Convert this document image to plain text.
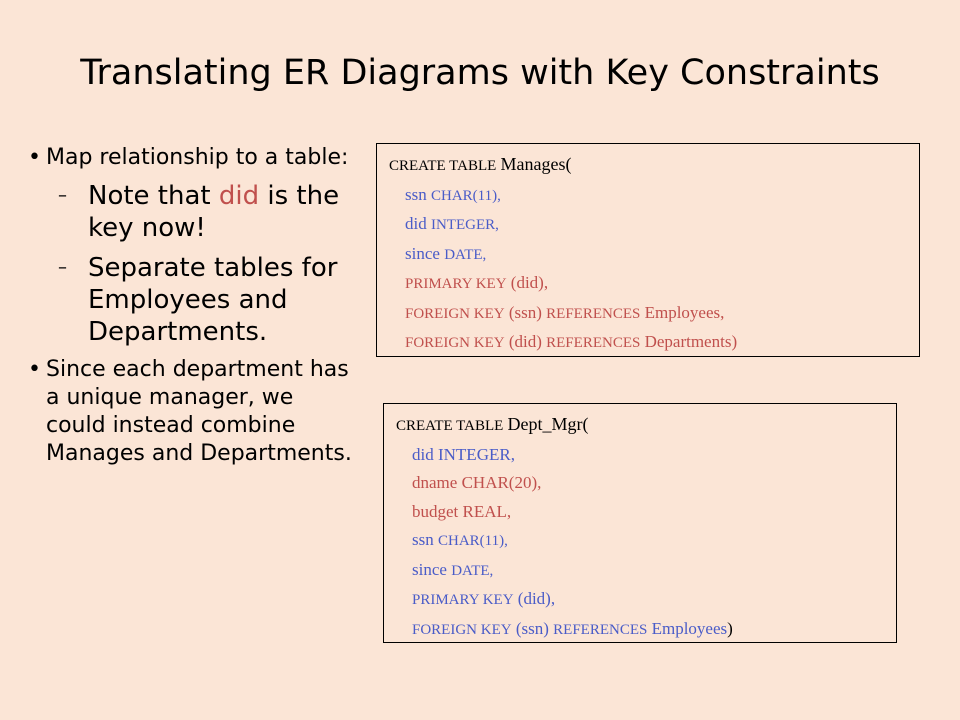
Translating ER Diagrams with Key Constraints
• Map relationship to a table:
– Note that did is the key now!
– Separate tables for Employees and Departments.
• Since each department has a unique manager, we could instead combine Manages and Departments.
CREATE TABLE Manages(
ssn CHAR(11),
did INTEGER,
since DATE,
PRIMARY KEY (did),
FOREIGN KEY (ssn) REFERENCES Employees,
FOREIGN KEY (did) REFERENCES Departments)
CREATE TABLE Dept_Mgr(
did INTEGER,
dname CHAR(20),
budget REAL,
ssn CHAR(11),
since DATE,
PRIMARY KEY (did),
FOREIGN KEY (ssn) REFERENCES Employees)
